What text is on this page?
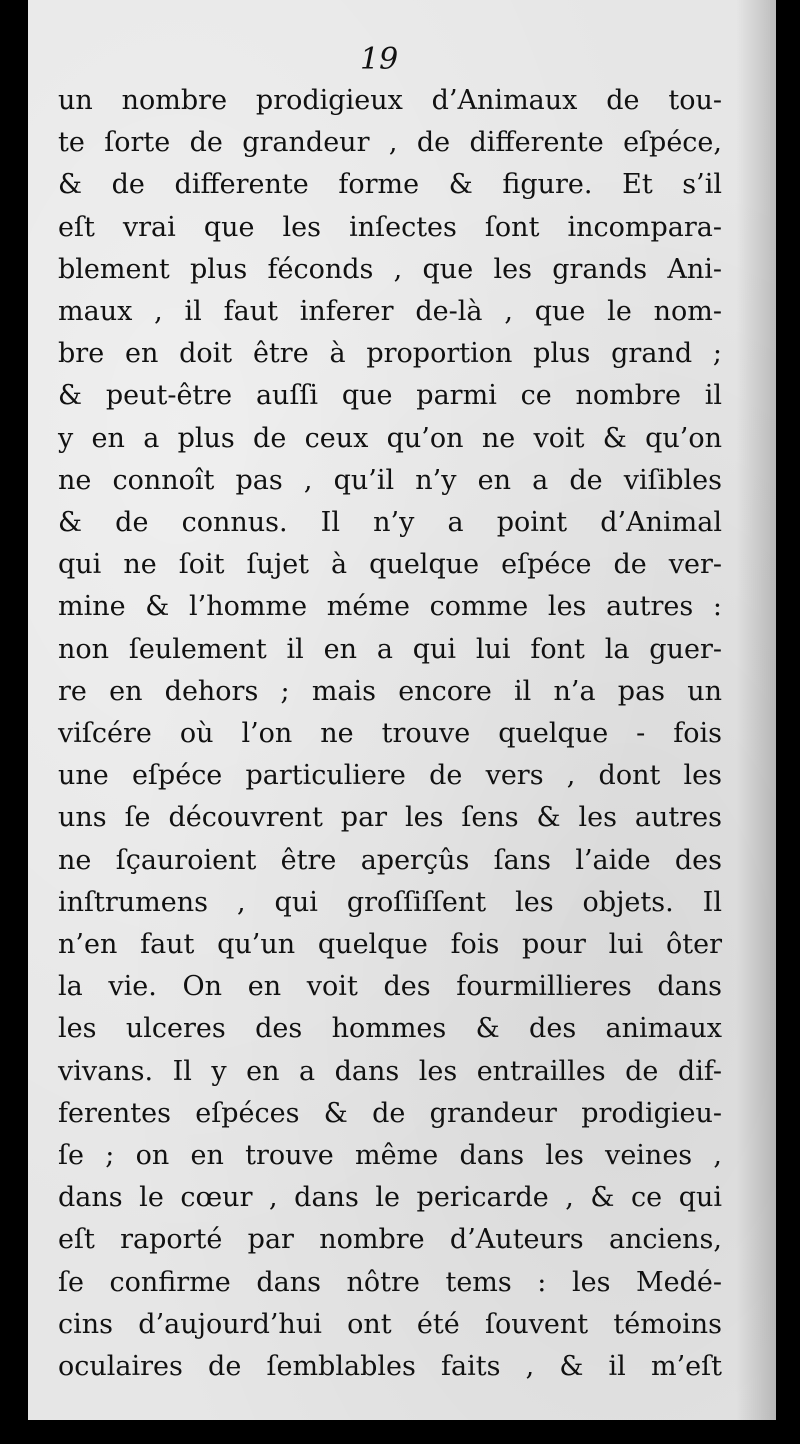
19
un nombre prodigieux d’Animaux de tou-
te ſorte de grandeur , de differente eſpéce,
& de differente forme & figure. Et s’il
eſt vrai que les inſectes ſont incompara-
blement plus féconds , que les grands Ani-
maux , il faut inferer de-là , que le nom-
bre en doit être à proportion plus grand ;
& peut-être auſſi que parmi ce nombre il
y en a plus de ceux qu’on ne voit & qu’on
ne connoît pas , qu’il n’y en a de viſibles
& de connus. Il n’y a point d’Animal
qui ne ſoit ſujet à quelque eſpéce de ver-
mine & l’homme méme comme les autres :
non ſeulement il en a qui lui font la guer-
re en dehors ; mais encore il n’a pas un
viſcére où l’on ne trouve quelque - fois
une eſpéce particuliere de vers , dont les
uns ſe découvrent par les ſens & les autres
ne ſçauroient être aperçûs ſans l’aide des
inſtrumens , qui groſſiſſent les objets. Il
n’en faut qu’un quelque fois pour lui ôter
la vie. On en voit des fourmillieres dans
les ulceres des hommes & des animaux
vivans. Il y en a dans les entrailles de dif-
ferentes eſpéces & de grandeur prodigieu-
ſe ; on en trouve même dans les veines ,
dans le cœur , dans le pericarde , & ce qui
eſt raporté par nombre d’Auteurs anciens,
ſe confirme dans nôtre tems : les Medé-
cins d’aujourd’hui ont été ſouvent témoins
oculaires de ſemblables faits , & il m’eſt
